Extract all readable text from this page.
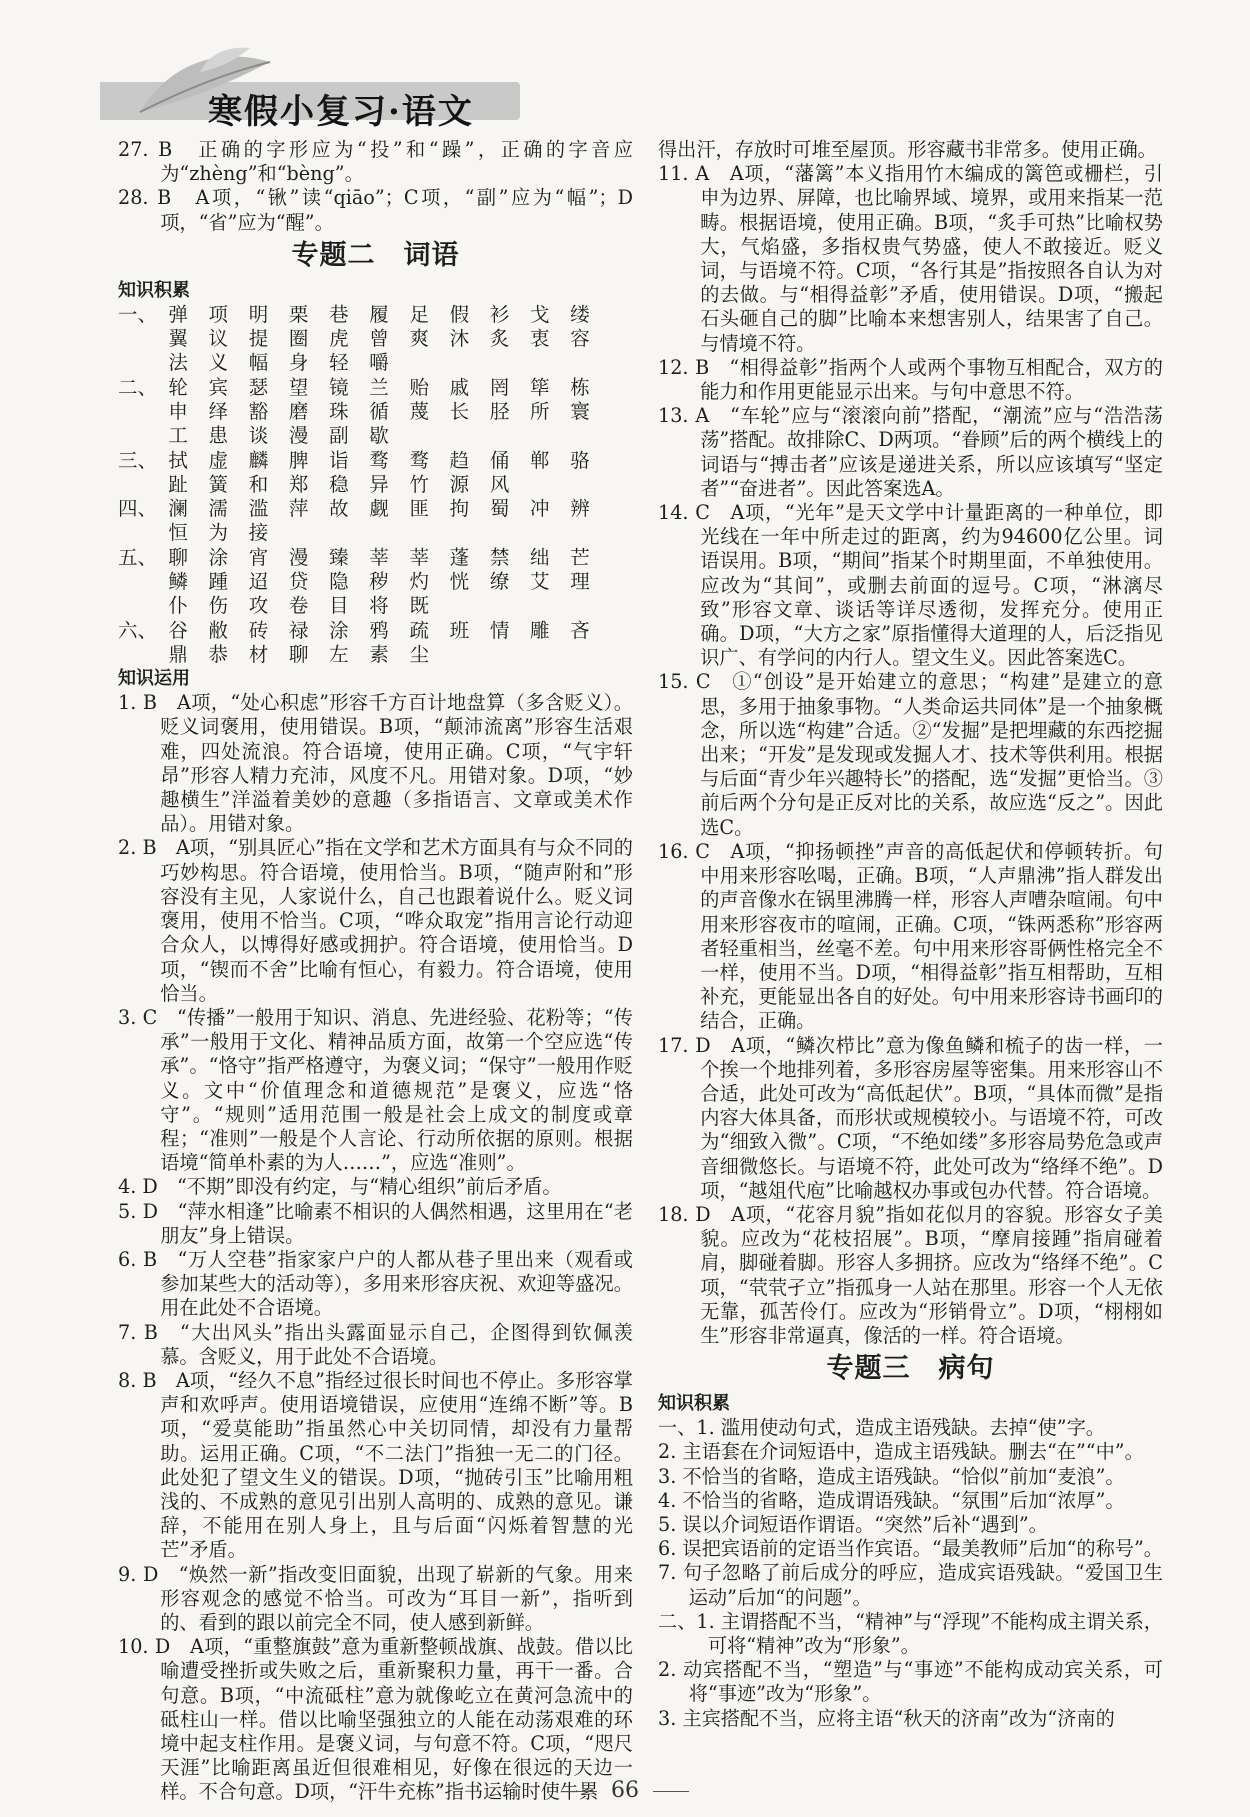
寒假小复习·语文

27. B　正确的字形应为“投”和“躁”，正确的字音应为“zhèng”和“bèng”。

28. B　A项，“锹”读“qiāo”；C项，“副”应为“幅”；D项，“省”应为“醒”。

专题二　词语
知识积累
一、 弹	项	明	栗	巷	履	足	假	衫	戈	缕
翼	议	提	圈	虎	曾	爽	沐	炙	衷	容
法	义	幅	身	轻	嚼
二、 轮	宾	瑟	望	镜	兰	贻	戚	罔	筚	栋
申	绎	豁	磨	珠	循	蔑	长	胫	所	寰
工	患	谈	漫	副	歇
三、 拭	虚	麟	脾	诣	骛	骛	趋	俑	郸	骆
趾	簧	和	郑	稳	异	竹	源	风
四、 澜	濡	滥	萍	故	觑	匪	拘	蜀	冲	辨
恒	为	接
五、 聊	涂	宵	漫	臻	莘	莘	蓬	禁	绌	芒
鳞	踵	迢	贷	隐	秽	灼	恍	缭	艾	理
仆	伤	攻	卷	目	将	既
六、 谷	敝	砖	禄	涂	鸦	疏	班	情	雕	吝
鼎	恭	材	聊	左	素	尘
知识运用

1. B　A项，“处心积虑”形容千方百计地盘算（多含贬义）。贬义词褒用，使用错误。B项，“颠沛流离”形容生活艰难，四处流浪。符合语境，使用正确。C项，“气宇轩昂”形容人精力充沛，风度不凡。用错对象。D项，“妙趣横生”洋溢着美妙的意趣（多指语言、文章或美术作品）。用错对象。

2. B　A项，“别具匠心”指在文学和艺术方面具有与众不同的巧妙构思。符合语境，使用恰当。B项，“随声附和”形容没有主见，人家说什么，自己也跟着说什么。贬义词褒用，使用不恰当。C项，“哗众取宠”指用言论行动迎合众人，以博得好感或拥护。符合语境，使用恰当。D项，“锲而不舍”比喻有恒心，有毅力。符合语境，使用恰当。

3. C　“传播”一般用于知识、消息、先进经验、花粉等；“传承”一般用于文化、精神品质方面，故第一个空应选“传承”。“恪守”指严格遵守，为褒义词；“保守”一般用作贬义。文中“价值理念和道德规范”是褒义，应选“恪守”。“规则”适用范围一般是社会上成文的制度或章程；“准则”一般是个人言论、行动所依据的原则。根据语境“简单朴素的为人……”，应选“准则”。

4. D　“不期”即没有约定，与“精心组织”前后矛盾。

5. D　“萍水相逢”比喻素不相识的人偶然相遇，这里用在“老朋友”身上错误。

6. B　“万人空巷”指家家户户的人都从巷子里出来（观看或参加某些大的活动等），多用来形容庆祝、欢迎等盛况。用在此处不合语境。

7. B　“大出风头”指出头露面显示自己，企图得到钦佩羡慕。含贬义，用于此处不合语境。

8. B　A项，“经久不息”指经过很长时间也不停止。多形容掌声和欢呼声。使用语境错误，应使用“连绵不断”等。B项，“爱莫能助”指虽然心中关切同情，却没有力量帮助。运用正确。C项，“不二法门”指独一无二的门径。此处犯了望文生义的错误。D项，“抛砖引玉”比喻用粗浅的、不成熟的意见引出别人高明的、成熟的意见。谦辞，不能用在别人身上，且与后面“闪烁着智慧的光芒”矛盾。

9. D　“焕然一新”指改变旧面貌，出现了崭新的气象。用来形容观念的感觉不恰当。可改为“耳目一新”，指听到的、看到的跟以前完全不同，使人感到新鲜。

10. D　A项，“重整旗鼓”意为重新整顿战旗、战鼓。借以比喻遭受挫折或失败之后，重新聚积力量，再干一番。合句意。B项，“中流砥柱”意为就像屹立在黄河急流中的砥柱山一样。借以比喻坚强独立的人能在动荡艰难的环境中起支柱作用。是褒义词，与句意不符。C项，“咫尺天涯”比喻距离虽近但很难相见，好像在很远的天边一样。不合句意。D项，“汗牛充栋”指书运输时使牛累

得出汗，存放时可堆至屋顶。形容藏书非常多。使用正确。

11. A　A项，“藩篱”本义指用竹木编成的篱笆或栅栏，引申为边界、屏障，也比喻界域、境界，或用来指某一范畴。根据语境，使用正确。B项，“炙手可热”比喻权势大，气焰盛，多指权贵气势盛，使人不敢接近。贬义词，与语境不符。C项，“各行其是”指按照各自认为对的去做。与“相得益彰”矛盾，使用错误。D项，“搬起石头砸自己的脚”比喻本来想害别人，结果害了自己。与情境不符。

12. B　“相得益彰”指两个人或两个事物互相配合，双方的能力和作用更能显示出来。与句中意思不符。

13. A　“车轮”应与“滚滚向前”搭配，“潮流”应与“浩浩荡荡”搭配。故排除C、D两项。“眷顾”后的两个横线上的词语与“搏击者”应该是递进关系，所以应该填写“坚定者”“奋进者”。因此答案选A。

14. C　A项，“光年”是天文学中计量距离的一种单位，即光线在一年中所走过的距离，约为94600亿公里。词语误用。B项，“期间”指某个时期里面，不单独使用。应改为“其间”，或删去前面的逗号。C项，“淋漓尽致”形容文章、谈话等详尽透彻，发挥充分。使用正确。D项，“大方之家”原指懂得大道理的人，后泛指见识广、有学问的内行人。望文生义。因此答案选C。

15. C　①“创设”是开始建立的意思；“构建”是建立的意思，多用于抽象事物。“人类命运共同体”是一个抽象概念，所以选“构建”合适。②“发掘”是把埋藏的东西挖掘出来；“开发”是发现或发掘人才、技术等供利用。根据与后面“青少年兴趣特长”的搭配，选“发掘”更恰当。③前后两个分句是正反对比的关系，故应选“反之”。因此选C。

16. C　A项，“抑扬顿挫”声音的高低起伏和停顿转折。句中用来形容吆喝，正确。B项，“人声鼎沸”指人群发出的声音像水在锅里沸腾一样，形容人声嘈杂喧闹。句中用来形容夜市的喧闹，正确。C项，“铢两悉称”形容两者轻重相当，丝毫不差。句中用来形容哥俩性格完全不一样，使用不当。D项，“相得益彰”指互相帮助，互相补充，更能显出各自的好处。句中用来形容诗书画印的结合，正确。

17. D　A项，“鳞次栉比”意为像鱼鳞和梳子的齿一样，一个挨一个地排列着，多形容房屋等密集。用来形容山不合适，此处可改为“高低起伏”。B项，“具体而微”是指内容大体具备，而形状或规模较小。与语境不符，可改为“细致入微”。C项，“不绝如缕”多形容局势危急或声音细微悠长。与语境不符，此处可改为“络绎不绝”。D项，“越俎代庖”比喻越权办事或包办代替。符合语境。

18. D　A项，“花容月貌”指如花似月的容貌。形容女子美貌。应改为“花枝招展”。B项，“摩肩接踵”指肩碰着肩，脚碰着脚。形容人多拥挤。应改为“络绎不绝”。C项，“茕茕孑立”指孤身一人站在那里。形容一个人无依无靠，孤苦伶仃。应改为“形销骨立”。D项，“栩栩如生”形容非常逼真，像活的一样。符合语境。

专题三　病句
知识积累

一、1. 滥用使动句式，造成主语残缺。去掉“使”字。

2. 主语套在介词短语中，造成主语残缺。删去“在”“中”。

3. 不恰当的省略，造成主语残缺。“恰似”前加“麦浪”。

4. 不恰当的省略，造成谓语残缺。“氛围”后加“浓厚”。

5. 误以介词短语作谓语。“突然”后补“遇到”。

6. 误把宾语前的定语当作宾语。“最美教师”后加“的称号”。

7. 句子忽略了前后成分的呼应，造成宾语残缺。“爱国卫生运动”后加“的问题”。

二、1. 主谓搭配不当，“精神”与“浮现”不能构成主谓关系，可将“精神”改为“形象”。

2. 动宾搭配不当，“塑造”与“事迹”不能构成动宾关系，可将“事迹”改为“形象”。

3. 主宾搭配不当，应将主语“秋天的济南”改为“济南的

66
